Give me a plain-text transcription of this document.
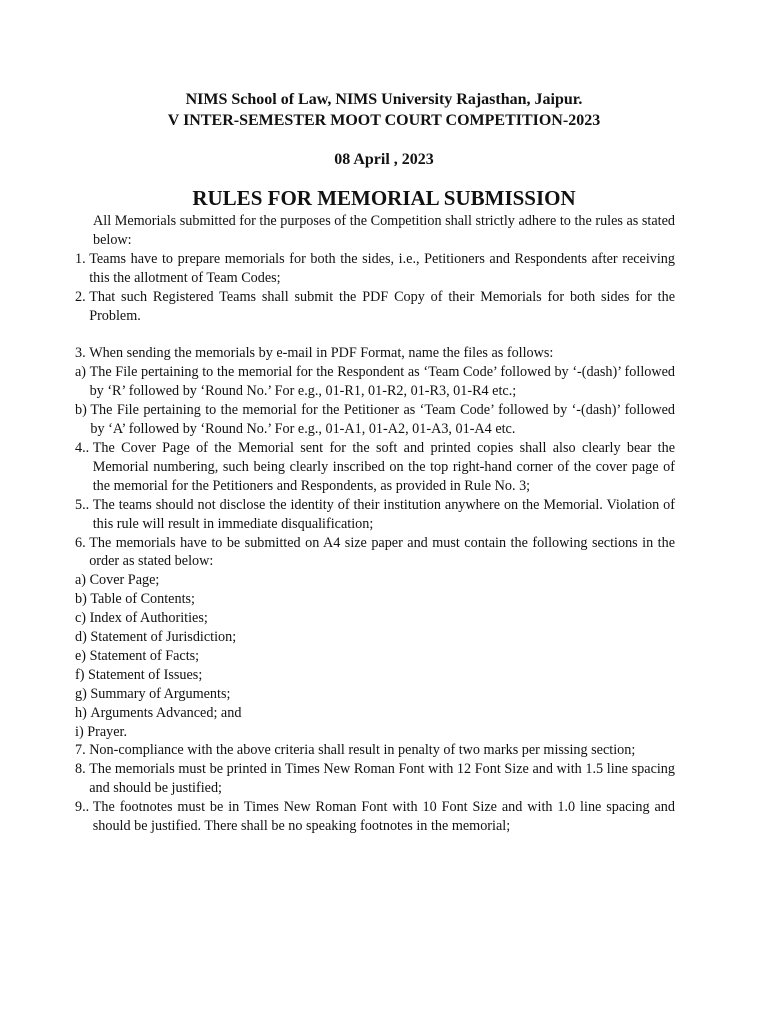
NIMS School of Law, NIMS University Rajasthan, Jaipur.
V INTER-SEMESTER MOOT COURT COMPETITION-2023
08 April , 2023
RULES FOR MEMORIAL SUBMISSION
All Memorials submitted for the purposes of the Competition shall strictly adhere to the rules as stated below:
1. Teams have to prepare memorials for both the sides, i.e., Petitioners and Respondents after receiving this the allotment of Team Codes;
2. That such Registered Teams shall submit the PDF Copy of their Memorials for both sides for the Problem.
3. When sending the memorials by e-mail in PDF Format, name the files as follows:
a) The File pertaining to the memorial for the Respondent as ‘Team Code’ followed by ‘-(dash)’ followed by ‘R’ followed by ‘Round No.’ For e.g., 01-R1, 01-R2, 01-R3, 01-R4 etc.;
b) The File pertaining to the memorial for the Petitioner as ‘Team Code’ followed by ‘-(dash)’ followed by ‘A’ followed by ‘Round No.’ For e.g., 01-A1, 01-A2, 01-A3, 01-A4 etc.
4.. The Cover Page of the Memorial sent for the soft and printed copies shall also clearly bear the Memorial numbering, such being clearly inscribed on the top right-hand corner of the cover page of the memorial for the Petitioners and Respondents, as provided in Rule No. 3;
5.. The teams should not disclose the identity of their institution anywhere on the Memorial. Violation of this rule will result in immediate disqualification;
6. The memorials have to be submitted on A4 size paper and must contain the following sections in the order as stated below:
a) Cover Page;
b) Table of Contents;
c) Index of Authorities;
d) Statement of Jurisdiction;
e) Statement of Facts;
f) Statement of Issues;
g) Summary of Arguments;
h) Arguments Advanced; and
i) Prayer.
7. Non-compliance with the above criteria shall result in penalty of two marks per missing section;
8. The memorials must be printed in Times New Roman Font with 12 Font Size and with 1.5 line spacing and should be justified;
9.. The footnotes must be in Times New Roman Font with 10 Font Size and with 1.0 line spacing and should be justified. There shall be no speaking footnotes in the memorial;
